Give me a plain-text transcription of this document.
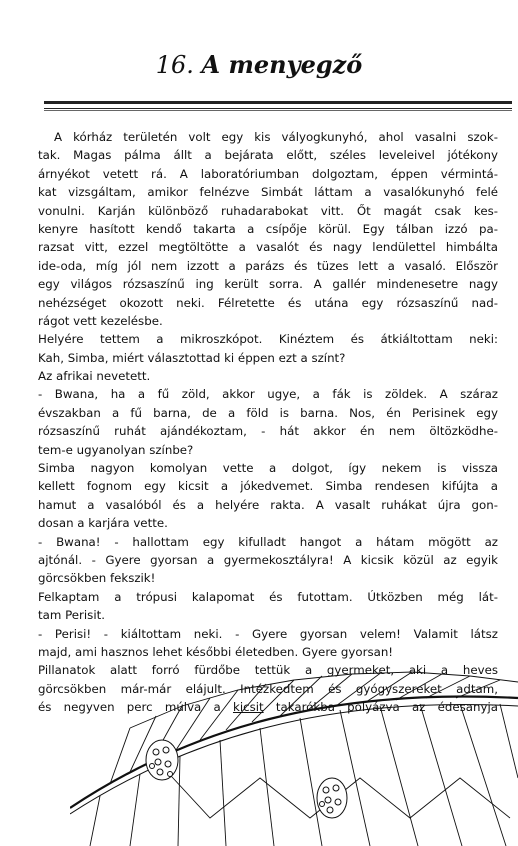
16. A menyegző
A kórház területén volt egy kis vályogkunyhó, ahol vasalni szok-
tak. Magas pálma állt a bejárata előtt, széles leveleivel jótékony
árnyékot vetett rá. A laboratóriumban dolgoztam, éppen vérmintá-
kat vizsgáltam, amikor felnézve Simbát láttam a vasalókunyhó felé
vonulni. Karján különböző ruhadarabokat vitt. Őt magát csak kes-
kenyre hasított kendő takarta a csípője körül. Egy tálban izzó pa-
razsat vitt, ezzel megtöltötte a vasalót és nagy lendülettel himbálta
ide-oda, míg jól nem izzott a parázs és tüzes lett a vasaló. Először
egy világos rózsaszínű ing került sorra. A gallér mindenesetre nagy
nehézséget okozott neki. Félretette és utána egy rózsaszínű nad-
rágot vett kezelésbe.
Helyére tettem a mikroszkópot. Kinéztem és átkiáltottam neki:
Kah, Simba, miért választottad ki éppen ezt a színt?
Az afrikai nevetett.
- Bwana, ha a fű zöld, akkor ugye, a fák is zöldek. A száraz
évszakban a fű barna, de a föld is barna. Nos, én Perisinek egy
rózsaszínű ruhát ajándékoztam, - hát akkor én nem öltözködhe-
tem-e ugyanolyan színbe?
Simba nagyon komolyan vette a dolgot, így nekem is vissza
kellett fognom egy kicsit a jókedvemet. Simba rendesen kifújta a
hamut a vasalóból és a helyére rakta. A vasalt ruhákat újra gon-
dosan a karjára vette.
- Bwana! - hallottam egy kifulladt hangot a hátam mögött az
ajtónál. - Gyere gyorsan a gyermekosztályra! A kicsik közül az egyik
görcsökben fekszik!
Felkaptam a trópusi kalapomat és futottam. Útközben még lát-
tam Perisit.
- Perisi! - kiáltottam neki. - Gyere gyorsan velem! Valamit látsz
majd, ami hasznos lehet későbbi életedben. Gyere gyorsan!
Pillanatok alatt forró fürdőbe tettük a gyermeket, aki a heves
görcsökben már-már elájult. Intézkedtem és gyógyszereket adtam,
és negyven perc múlva a kicsit takarókba pólyázva az édesanyja
